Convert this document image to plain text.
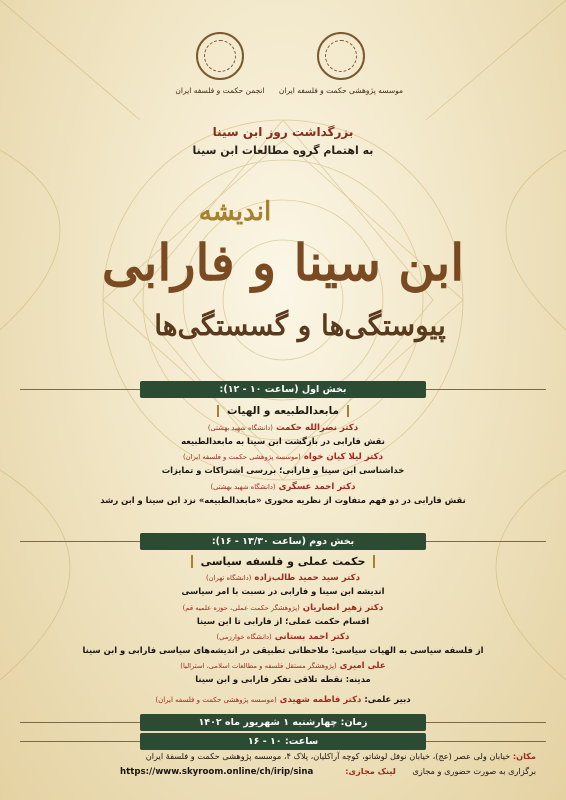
موسسه پژوهشی حکمت و فلسفه ایران
انجمن حکمت و فلسفه ایران
بزرگداشت روز ابن سینا
به اهتمام گروه مطالعات ابن سینا
اندیشه
ابن سینا و فارابی
پیوستگی‌ها و گسستگی‌ها
بخش اول (ساعت ۱۰ - ۱۲):
مابعدالطبیعه و الهیات
دکتر نصرالله حکمت (دانشگاه شهید بهشتی)
نقش فارابی در بازگشت ابن سینا به مابعدالطبیعه
دکتر لیلا کیان خواه (موسسه پژوهشی حکمت و فلسفه ایران)
خداشناسی ابن سینا و فارابی؛ بررسی اشتراکات و تمایزات
دکتر احمد عسگری (دانشگاه شهید بهشتی)
نقش فارابی در دو فهم متفاوت از نظریه محوری «مابعدالطبیعه» نزد ابن سینا و ابن رشد
بخش دوم (ساعت ۱۳/۳۰ - ۱۶):
حکمت عملی و فلسفه سیاسی
دکتر سید حمید طالب‌زاده (دانشگاه تهران)
اندیشه ابن سینا و فارابی در نسبت با امر سیاسی
دکتر زهیر انصاریان (پژوهشگر حکمت عملی، حوزه علمیه قم)
اقسام حکمت عملی؛ از فارابی تا ابن سینا
دکتر احمد بستانی (دانشگاه خوارزمی)
از فلسفه سیاسی به الهیات سیاسی: ملاحظاتی تطبیقی در اندیشه‌های سیاسی فارابی و ابن سینا
علی امیری (پژوهشگر مستقل فلسفه و مطالعات اسلامی، استرالیا)
مدینه: نقطه تلاقی تفکر فارابی و ابن سینا
دبیر علمی: دکتر فاطمه شهیدی (موسسه پژوهشی حکمت و فلسفه ایران)
زمان: چهارشنبه ۱ شهریور ماه ۱۴۰۲
ساعت: ۱۰ - ۱۶
مکان: خیابان ولی عصر (عج)، خیابان نوفل لوشاتو، کوچه آراکلیان، پلاک ۴، موسسه پژوهشی حکمت و فلسفهٔ ایران
برگزاری به صورت حضوری و مجازی لینک مجازی:
https://www.skyroom.online/ch/irip/sina
